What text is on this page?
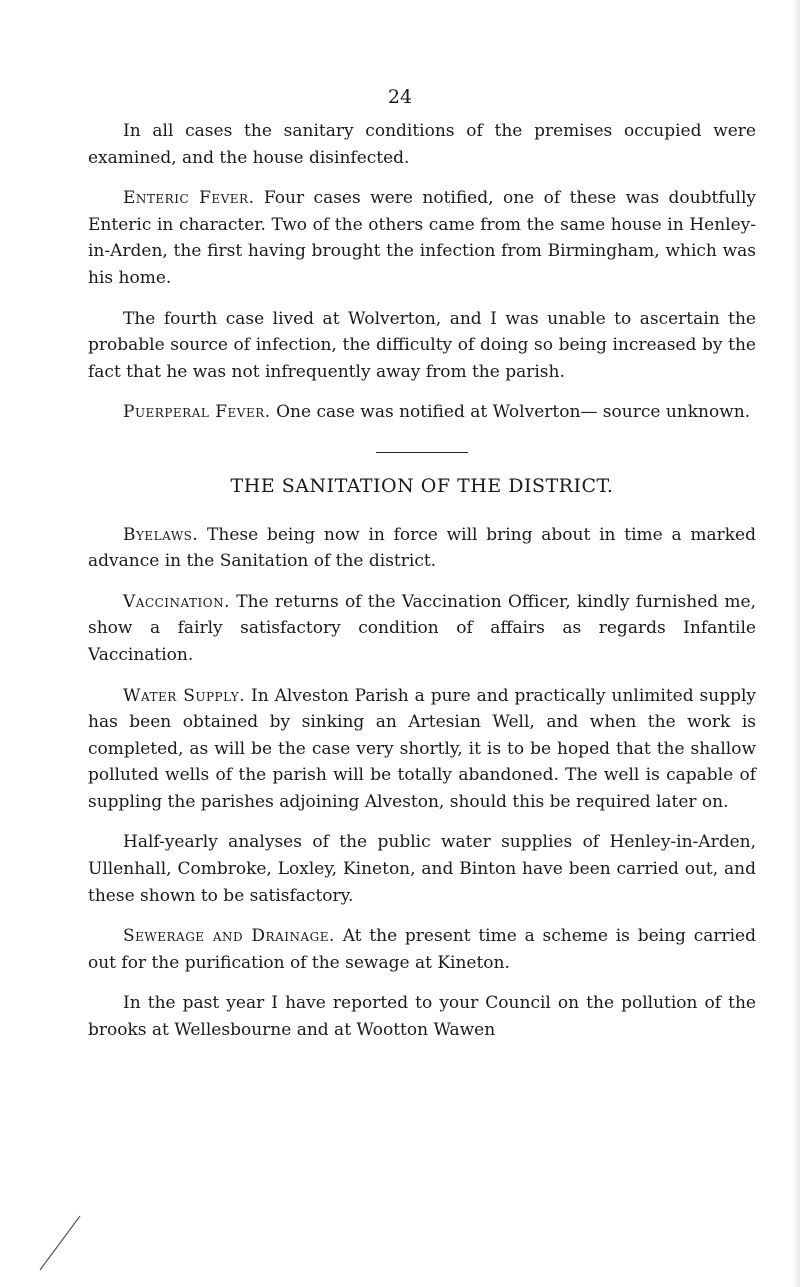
24

In all cases the sanitary conditions of the premises occupied were examined, and the house disinfected.

Enteric Fever. Four cases were notified, one of these was doubtfully Enteric in character. Two of the others came from the same house in Henley-in-Arden, the first having brought the infection from Birmingham, which was his home.

The fourth case lived at Wolverton, and I was unable to ascertain the probable source of infection, the difficulty of doing so being increased by the fact that he was not infrequently away from the parish.

Puerperal Fever. One case was notified at Wolverton— source unknown.

THE SANITATION OF THE DISTRICT.

Byelaws. These being now in force will bring about in time a marked advance in the Sanitation of the district.

Vaccination. The returns of the Vaccination Officer, kindly furnished me, show a fairly satisfactory condition of affairs as regards Infantile Vaccination.

Water Supply. In Alveston Parish a pure and practically unlimited supply has been obtained by sinking an Artesian Well, and when the work is completed, as will be the case very shortly, it is to be hoped that the shallow polluted wells of the parish will be totally abandoned. The well is capable of suppling the parishes adjoining Alveston, should this be required later on.

Half-yearly analyses of the public water supplies of Henley-in-Arden, Ullenhall, Combroke, Loxley, Kineton, and Binton have been carried out, and these shown to be satisfactory.

Sewerage and Drainage. At the present time a scheme is being carried out for the purification of the sewage at Kineton.

In the past year I have reported to your Council on the pollution of the brooks at Wellesbourne and at Wootton Wawen
